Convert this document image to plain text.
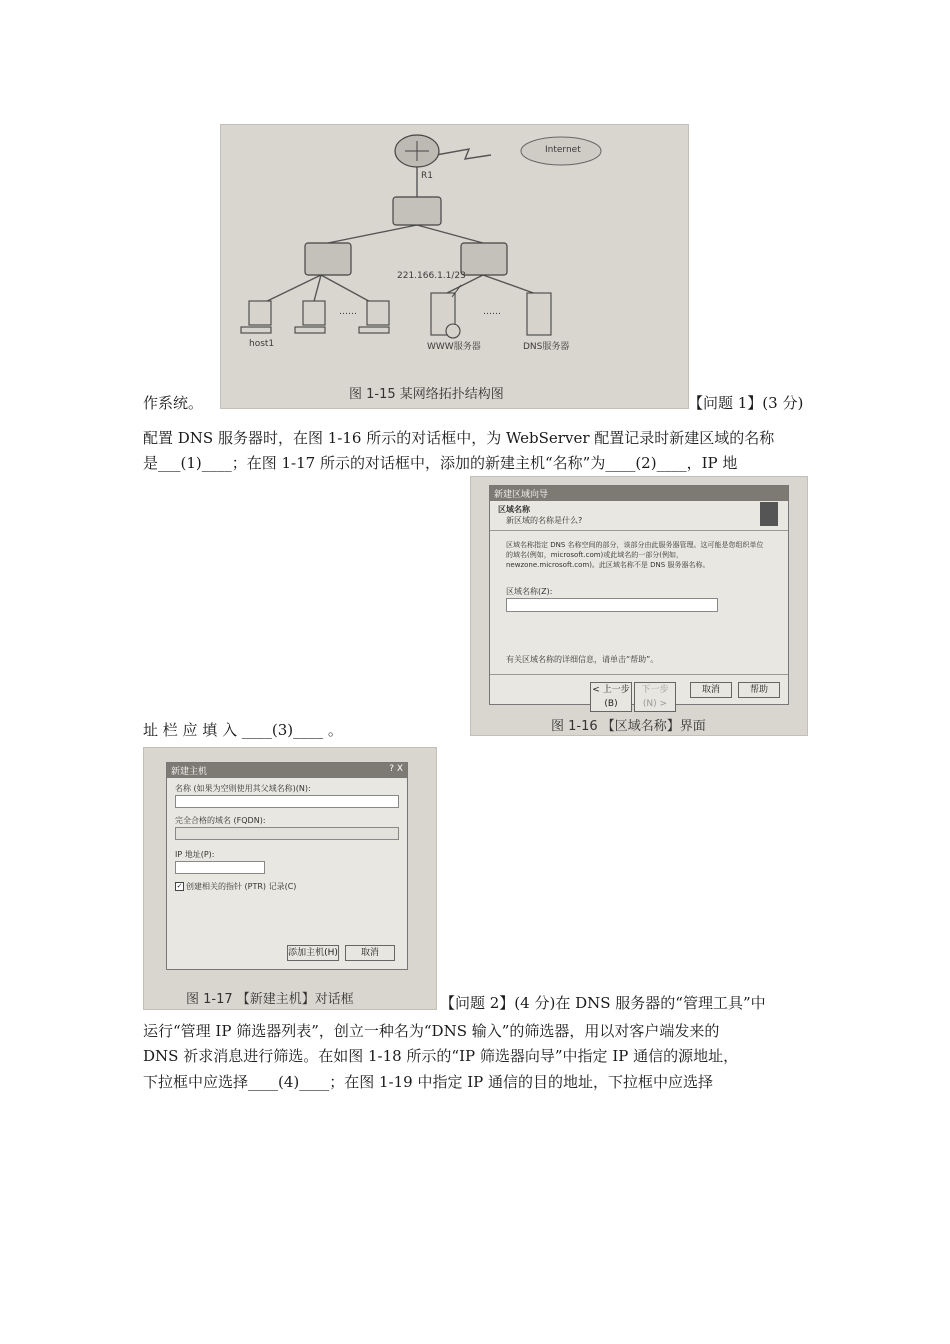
R1
Internet
221.166.1.1/23
……	……
host1	WWW服务器	DNS服务器
图 1-15 某网络拓扑结构图
作系统。	【问题 1】(3 分)
配置 DNS 服务器时，在图 1-16 所示的对话框中，为 WebServer 配置记录时新建区域的名称
是___(1)____；在图 1-17 所示的对话框中，添加的新建主机“名称”为____(2)____，IP 地
新建区域向导
区域名称
新区域的名称是什么?
区域名称指定 DNS 名称空间的部分，该部分由此服务器管理。这可能是您组织单位的域名(例如，microsoft.com)或此域名的一部分(例如，newzone.microsoft.com)。此区域名称不是 DNS 服务器名称。
区域名称(Z):
有关区域名称的详细信息，请单击“帮助”。
< 上一步(B)
下一步(N) >
取消	帮助
图 1-16 【区域名称】界面
址 栏 应 填 入 ____(3)____ 。
新建主机	? X
名称 (如果为空则使用其父域名称)(N):
完全合格的域名 (FQDN):
IP 地址(P):
✓ 创建相关的指针 (PTR) 记录(C)
添加主机(H)	取消
图 1-17 【新建主机】对话框	【问题 2】(4 分)在 DNS 服务器的“管理工具”中
运行“管理 IP 筛选器列表”，创立一种名为“DNS 输入”的筛选器，用以对客户端发来的
DNS 祈求消息进行筛选。在如图 1-18 所示的“IP 筛选器向导”中指定 IP 通信的源地址，
下拉框中应选择____(4)____；在图 1-19 中指定 IP 通信的目的地址，下拉框中应选择
